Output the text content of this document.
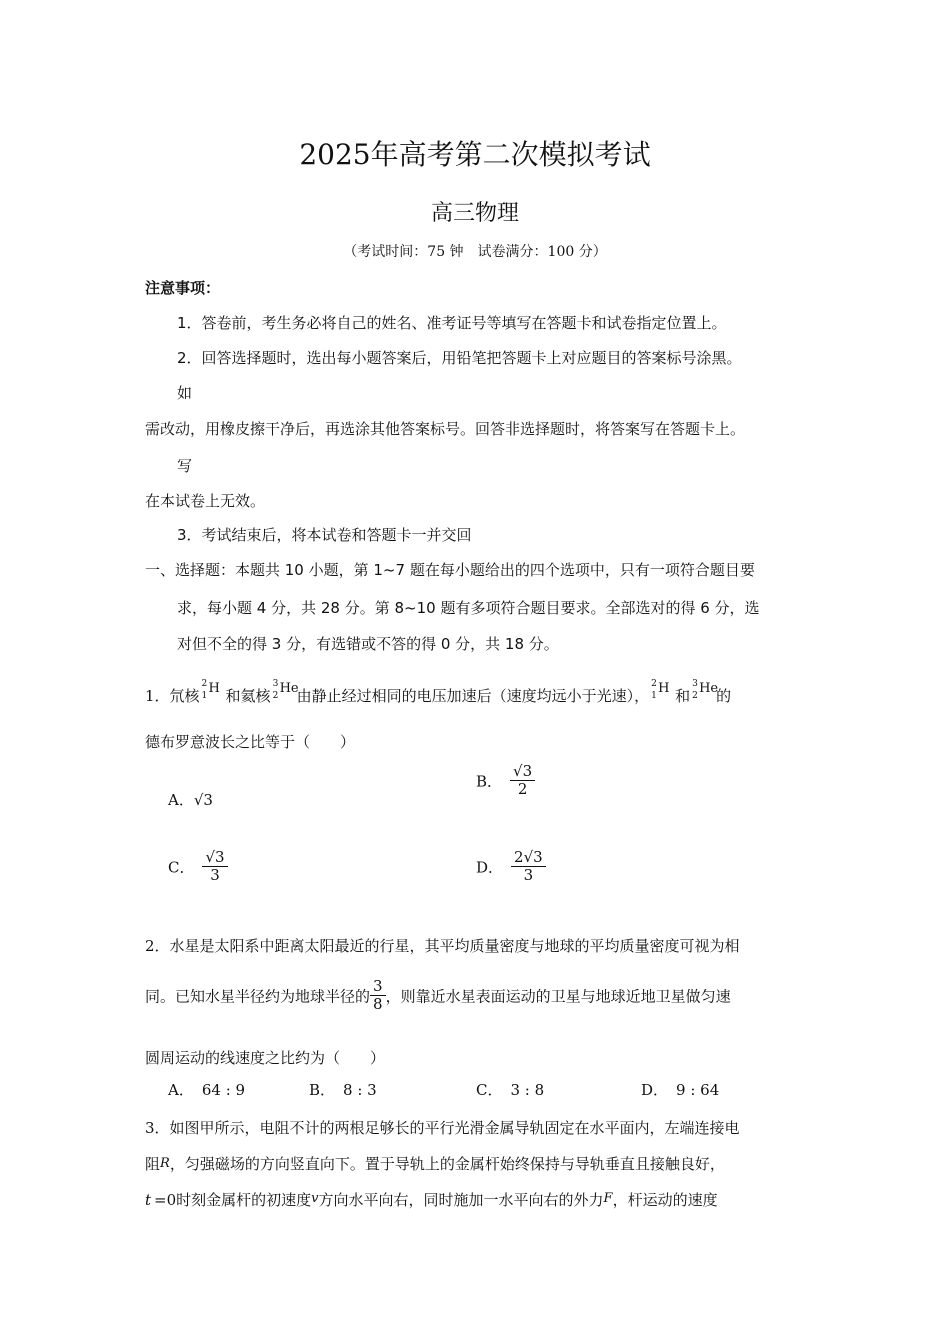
2025年高考第二次模拟考试
高三物理
（考试时间：75 钟　试卷满分：100 分）
注意事项：
1．答卷前，考生务必将自己的姓名、准考证号等填写在答题卡和试卷指定位置上。
2．回答选择题时，选出每小题答案后，用铅笔把答题卡上对应题目的答案标号涂黑。
如
需改动，用橡皮擦干净后，再选涂其他答案标号。回答非选择题时，将答案写在答题卡上。
写
在本试卷上无效。
3．考试结束后，将本试卷和答题卡一并交回
一、选择题：本题共 10 小题，第 1~7 题在每小题给出的四个选项中，只有一项符合题目要
求，每小题 4 分，共 28 分。第 8~10 题有多项符合题目要求。全部选对的得 6 分，选
对但不全的得 3 分，有选错或不答的得 0 分，共 18 分。
1．氘核
2
1 H 和氦核
3
2 He
由静止经过相同的电压加速后（速度均远小于光速），
2
1 H 和
3
2 He
的
德布罗意波长之比等于（　　）
A．√3
B． $\frac{√3}{2}$
C． $\frac{√3}{3}$	D． $\frac{2√3}{3}$
2．水星是太阳系中距离太阳最近的行星，其平均质量密度与地球的平均质量密度可视为相
同。已知水星半径约为地球半径的 $\frac{3}{8}$ ，则靠近水星表面运动的卫星与地球近地卫星做匀速
圆周运动的线速度之比约为（　　）
A． 64 : 9	B． 8 : 3	C． 3 : 8	D． 9 : 64
3．如图甲所示，电阻不计的两根足够长的平行光滑金属导轨固定在水平面内，左端连接电
阻R，匀强磁场的方向竖直向下。置于导轨上的金属杆始终保持与导轨垂直且接触良好，
t =0时刻金属杆的初速度v方向水平向右，同时施加一水平向右的外力F，杆运动的速度
